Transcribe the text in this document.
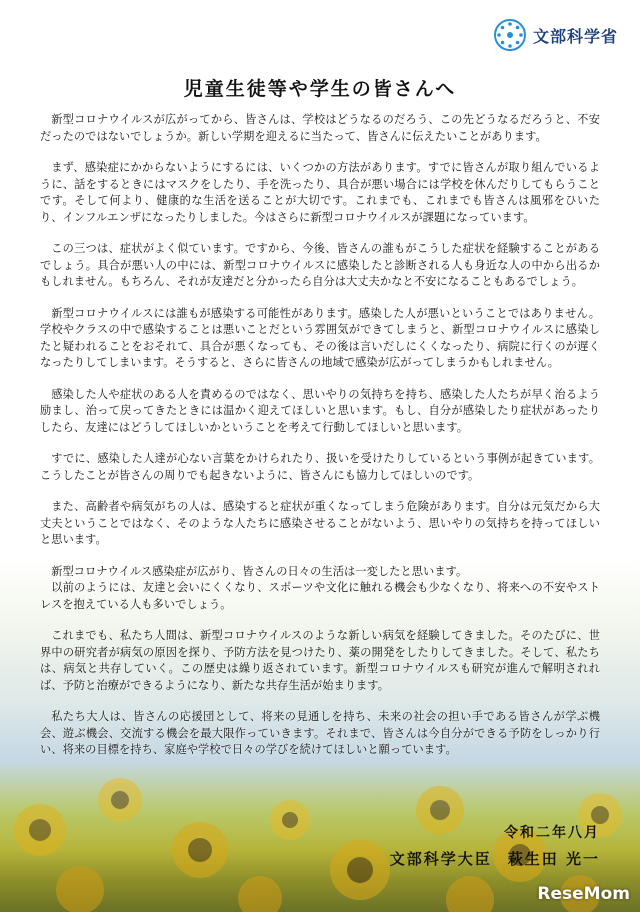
文部科学省
児童生徒等や学生の皆さんへ

新型コロナウイルスが広がってから、皆さんは、学校はどうなるのだろう、この先どうなるだろうと、不安だったのではないでしょうか。新しい学期を迎えるに当たって、皆さんに伝えたいことがあります。

まず、感染症にかからないようにするには、いくつかの方法があります。すでに皆さんが取り組んでいるように、話をするときにはマスクをしたり、手を洗ったり、具合が悪い場合には学校を休んだりしてもらうことです。そして何より、健康的な生活を送ることが大切です。これまでも、これまでも皆さんは風邪をひいたり、インフルエンザになったりしました。今はさらに新型コロナウイルスが課題になっています。

この三つは、症状がよく似ています。ですから、今後、皆さんの誰もがこうした症状を経験することがあるでしょう。具合が悪い人の中には、新型コロナウイルスに感染したと診断される人も身近な人の中から出るかもしれません。もちろん、それが友達だと分かったら自分は大丈夫かなと不安になることもあるでしょう。

新型コロナウイルスには誰もが感染する可能性があります。感染した人が悪いということではありません。学校やクラスの中で感染することは悪いことだという雰囲気ができてしまうと、新型コロナウイルスに感染したと疑われることをおそれて、具合が悪くなっても、その後は言いだしにくくなったり、病院に行くのが遅くなったりしてしまいます。そうすると、さらに皆さんの地域で感染が広がってしまうかもしれません。

感染した人や症状のある人を責めるのではなく、思いやりの気持ちを持ち、感染した人たちが早く治るよう励まし、治って戻ってきたときには温かく迎えてほしいと思います。もし、自分が感染したり症状があったりしたら、友達にはどうしてほしいかということを考えて行動してほしいと思います。

すでに、感染した人達が心ない言葉をかけられたり、扱いを受けたりしているという事例が起きています。こうしたことが皆さんの周りでも起きないように、皆さんにも協力してほしいのです。

また、高齢者や病気がちの人は、感染すると症状が重くなってしまう危険があります。自分は元気だから大丈夫ということではなく、そのような人たちに感染させることがないよう、思いやりの気持ちを持ってほしいと思います。

新型コロナウイルス感染症が広がり、皆さんの日々の生活は一変したと思います。

以前のようには、友達と会いにくくなり、スポーツや文化に触れる機会も少なくなり、将来への不安やストレスを抱えている人も多いでしょう。

これまでも、私たち人間は、新型コロナウイルスのような新しい病気を経験してきました。そのたびに、世界中の研究者が病気の原因を探り、予防方法を見つけたり、薬の開発をしたりしてきました。そして、私たちは、病気と共存していく。この歴史は繰り返されています。新型コロナウイルスも研究が進んで解明されれば、予防と治療ができるようになり、新たな共存生活が始まります。

私たち大人は、皆さんの応援団として、将来の見通しを持ち、未来の社会の担い手である皆さんが学ぶ機会、遊ぶ機会、交流する機会を最大限作っていきます。それまで、皆さんは今自分ができる予防をしっかり行い、将来の目標を持ち、家庭や学校で日々の学びを続けてほしいと願っています。

令和二年八月
文部科学大臣 萩生田 光一
ReseMom
